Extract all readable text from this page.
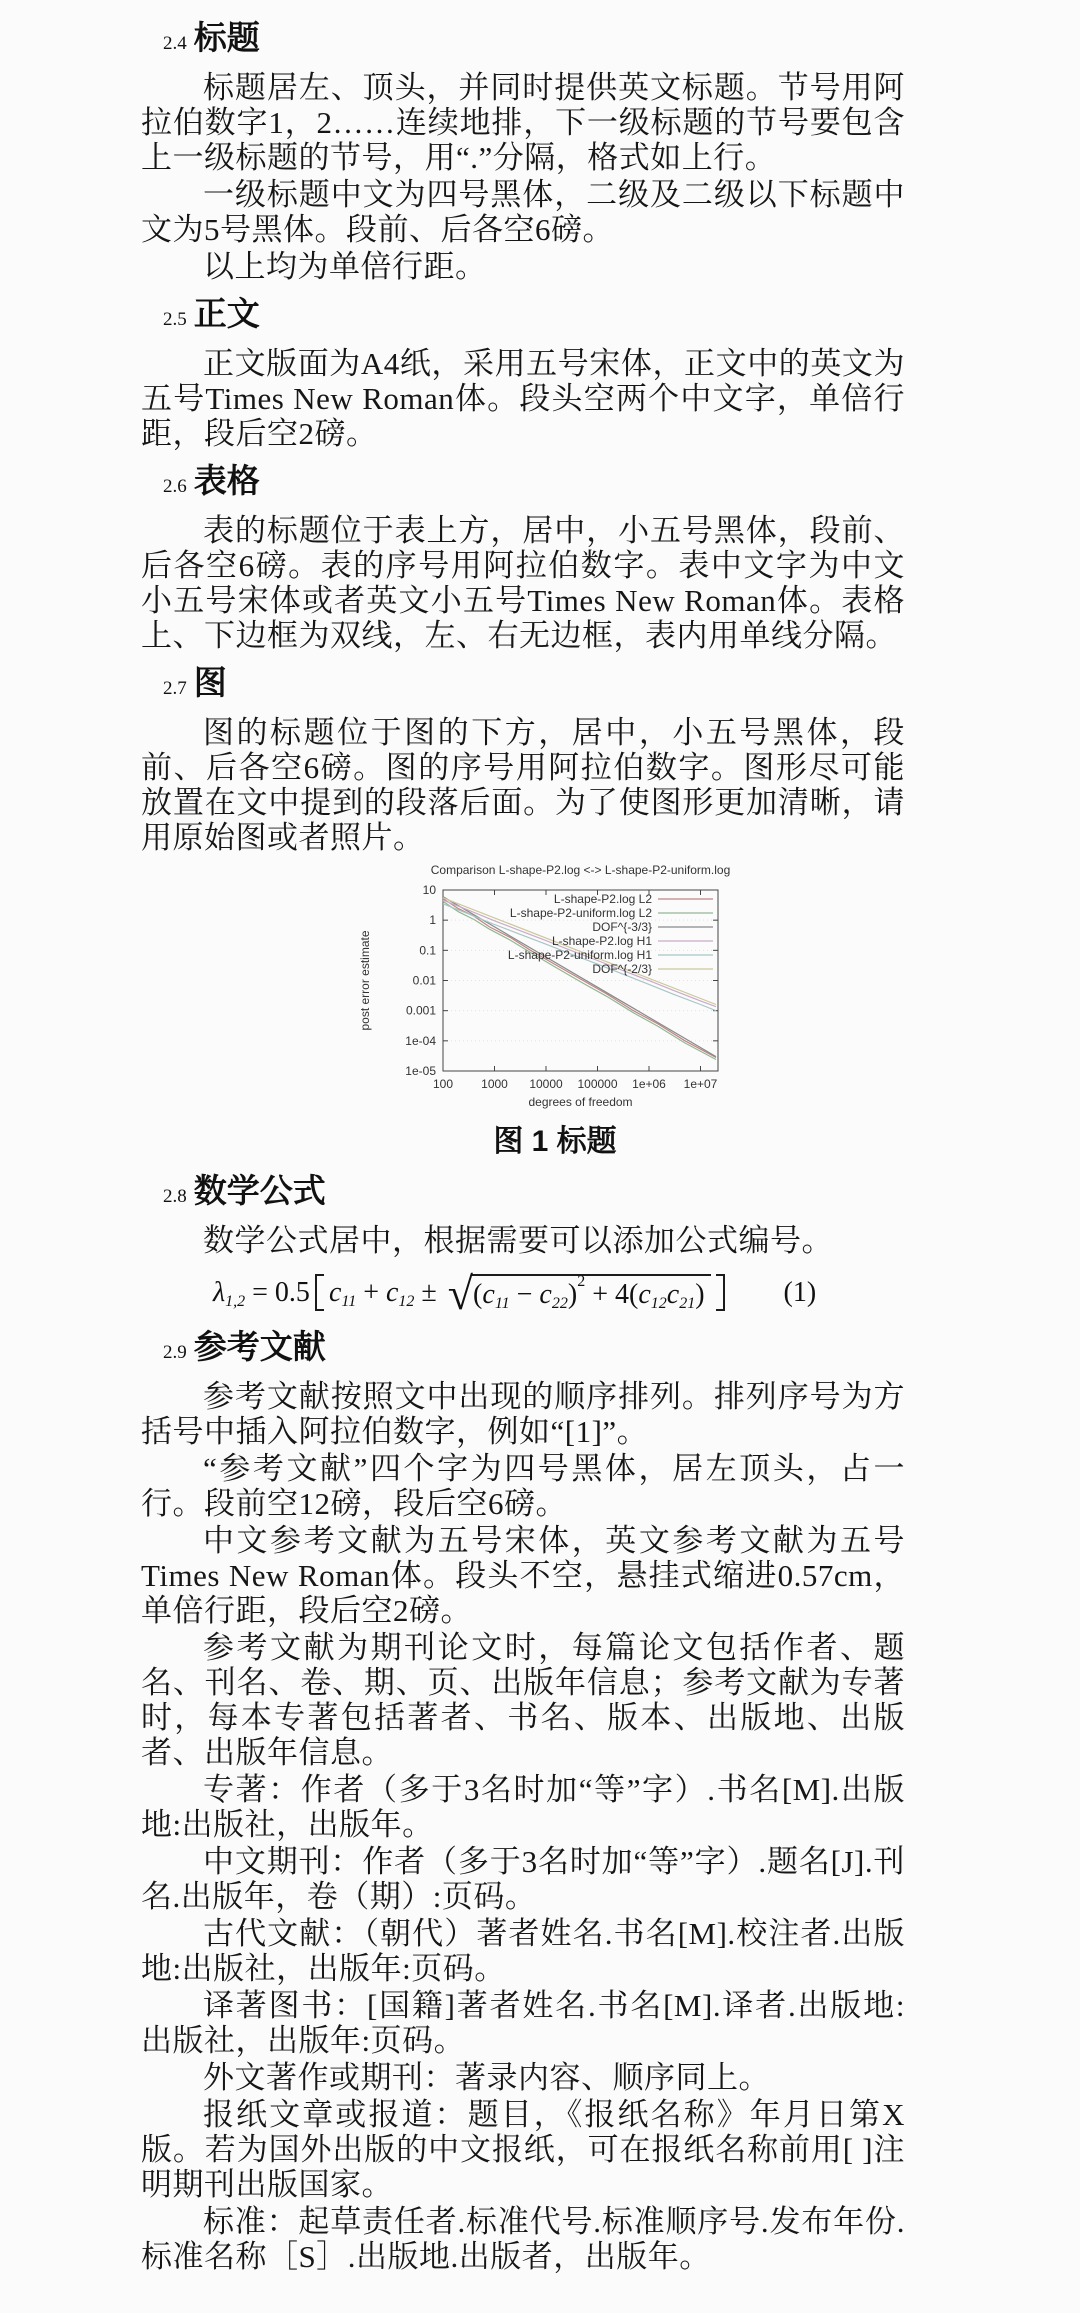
2.4 标题

标题居左、顶头，并同时提供英文标题。节号用阿拉伯数字1，2……连续地排，下一级标题的节号要包含上一级标题的节号，用“.”分隔，格式如上行。

一级标题中文为四号黑体，二级及二级以下标题中文为5号黑体。段前、后各空6磅。

以上均为单倍行距。

2.5 正文

正文版面为A4纸，采用五号宋体，正文中的英文为五号Times New Roman体。段头空两个中文字，单倍行距，段后空2磅。

2.6 表格

表的标题位于表上方，居中，小五号黑体，段前、后各空6磅。表的序号用阿拉伯数字。表中文字为中文小五号宋体或者英文小五号Times New Roman体。表格上、下边框为双线，左、右无边框，表内用单线分隔。

2.7 图

图的标题位于图的下方，居中，小五号黑体，段前、后各空6磅。图的序号用阿拉伯数字。图形尽可能放置在文中提到的段落后面。为了使图形更加清晰，请用原始图或者照片。

100 1000 10000 100000 1e+06 1e+07
10
1
0.1
0.01
0.001
1e-04
1e-05
L-shape-P2.log L2
L-shape-P2-uniform.log L2
DOF^{-3/3}
L-shape-P2.log H1
L-shape-P2-uniform.log H1
DOF^{-2/3}
Comparison L-shape-P2.log <-> L-shape-P2-uniform.log
degrees of freedom
post error estimate
图 1 标题
2.8 数学公式

数学公式居中，根据需要可以添加公式编号。

$\lambda_{1,2} = 0.5$ $c_{11} + c_{12}$ ± √ ( $c_{11} - c_{22}$ )$^2$ + 4 ( $c_{12}$ $c_{21}$ )	(1)
2.9 参考文献

参考文献按照文中出现的顺序排列。排列序号为方括号中插入阿拉伯数字，例如“[1]”。

“参考文献”四个字为四号黑体，居左顶头，占一行。段前空12磅，段后空6磅。

中文参考文献为五号宋体，英文参考文献为五号Times New Roman体。段头不空，悬挂式缩进0.57cm，单倍行距，段后空2磅。

参考文献为期刊论文时，每篇论文包括作者、题名、刊名、卷、期、页、出版年信息；参考文献为专著时，每本专著包括著者、书名、版本、出版地、出版者、出版年信息。

专著：作者（多于3名时加“等”字）.书名[M].出版地:出版社，出版年。

中文期刊：作者（多于3名时加“等”字）.题名[J].刊名.出版年，卷（期）:页码。

古代文献：（朝代）著者姓名.书名[M].校注者.出版地:出版社，出版年:页码。

译著图书：[国籍]著者姓名.书名[M].译者.出版地:出版社，出版年:页码。

外文著作或期刊：著录内容、顺序同上。

报纸文章或报道：题目，《报纸名称》年月日第X版。若为国外出版的中文报纸，可在报纸名称前用[ ]注明期刊出版国家。

标准：起草责任者.标准代号.标准顺序号.发布年份.标准名称［S］.出版地.出版者，出版年。
